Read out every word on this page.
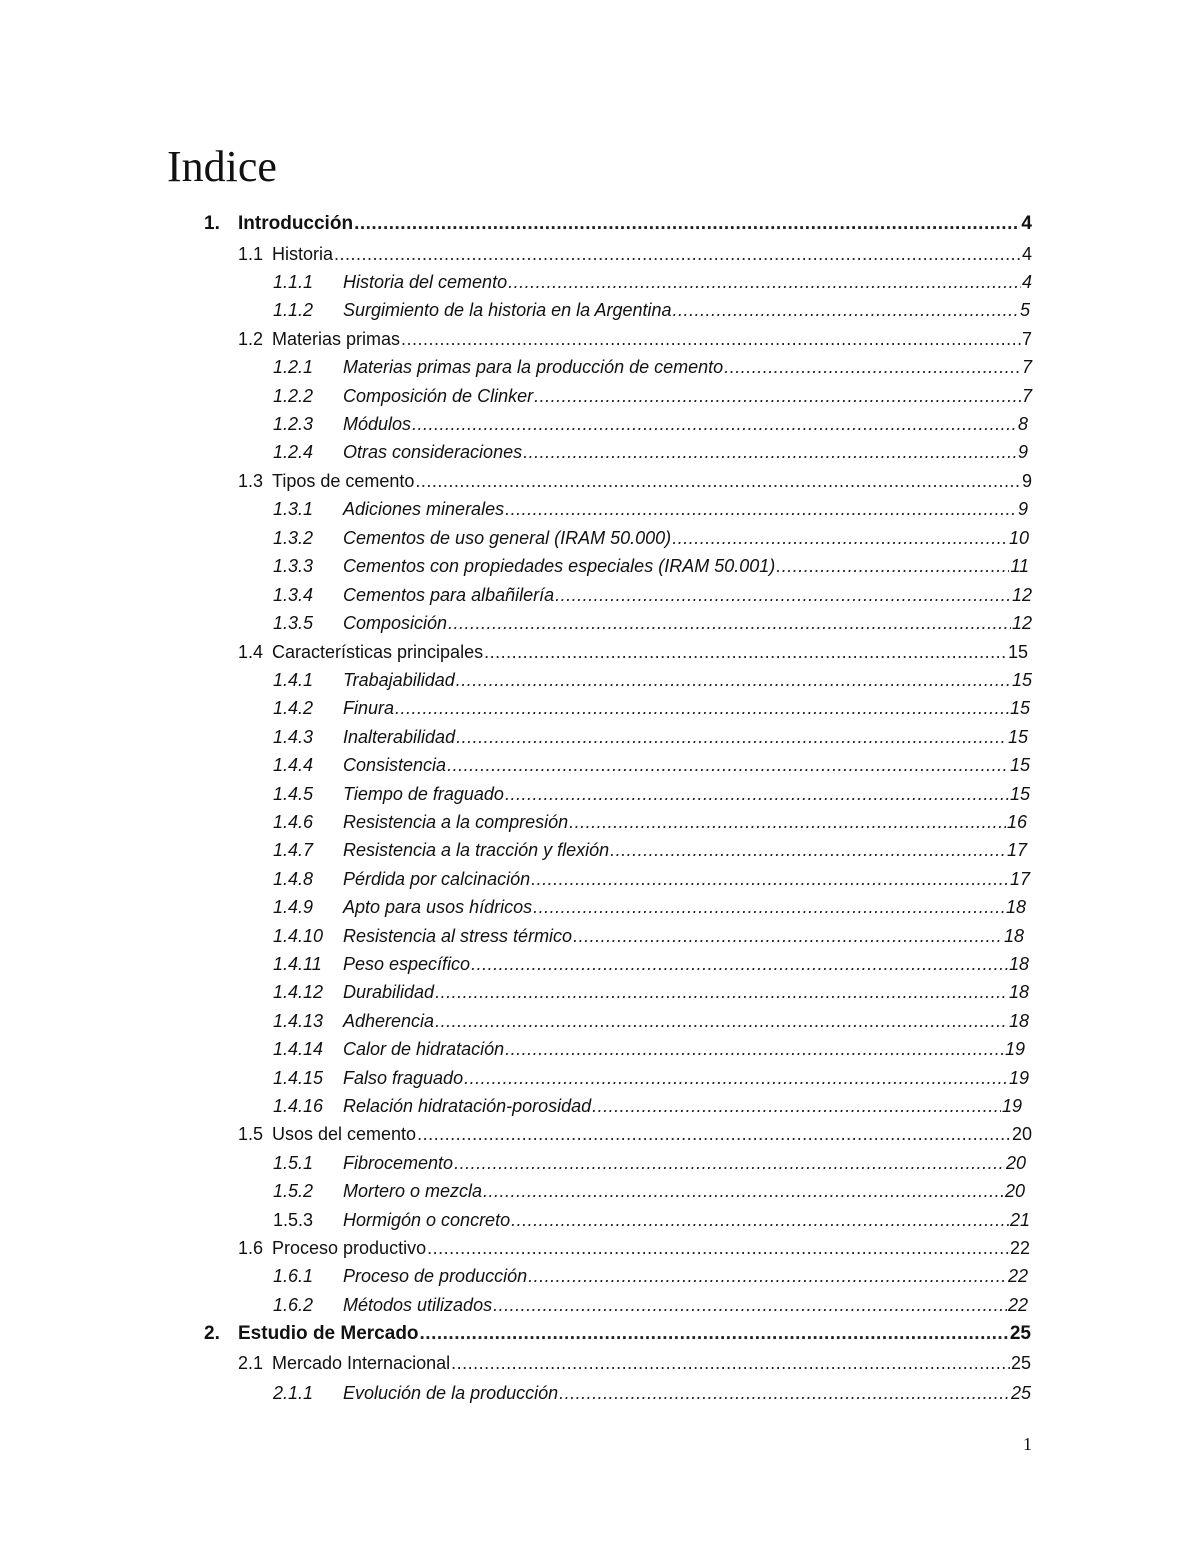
Indice
1. Introducción .....	4
1.1 Historia .....	4
1.1.1	Historia del cemento .....	4
1.1.2	Surgimiento de la historia en la Argentina .....	5
1.2 Materias primas .....	7
1.2.1	Materias primas para la producción de cemento .....	7
1.2.2	Composición de Clinker .....	7
1.2.3	Módulos .....	8
1.2.4	Otras consideraciones .....	9
1.3 Tipos de cemento .....	9
1.3.1	Adiciones minerales .....	9
1.3.2	Cementos de uso general (IRAM 50.000) .....	10
1.3.3	Cementos con propiedades especiales (IRAM 50.001) .....	11
1.3.4	Cementos para albañilería .....	12
1.3.5	Composición .....	12
1.4 Características principales .....	15
1.4.1	Trabajabilidad .....	15
1.4.2	Finura .....	15
1.4.3	Inalterabilidad .....	15
1.4.4	Consistencia .....	15
1.4.5	Tiempo de fraguado .....	15
1.4.6	Resistencia a la compresión .....	16
1.4.7	Resistencia a la tracción y flexión .....	17
1.4.8	Pérdida por calcinación .....	17
1.4.9	Apto para usos hídricos .....	18
1.4.10	Resistencia al stress térmico .....	18
1.4.11	Peso específico .....	18
1.4.12	Durabilidad .....	18
1.4.13	Adherencia .....	18
1.4.14	Calor de hidratación .....	19
1.4.15	Falso fraguado .....	19
1.4.16	Relación hidratación-porosidad .....	19
1.5 Usos del cemento .....	20
1.5.1	Fibrocemento .....	20
1.5.2	Mortero o mezcla .....	20
1.5.3	Hormigón o concreto .....	21
1.6 Proceso productivo .....	22
1.6.1	Proceso de producción .....	22
1.6.2	Métodos utilizados .....	22
2. Estudio de Mercado .....	25
2.1 Mercado Internacional .....	25
2.1.1	Evolución de la producción .....	25
1
